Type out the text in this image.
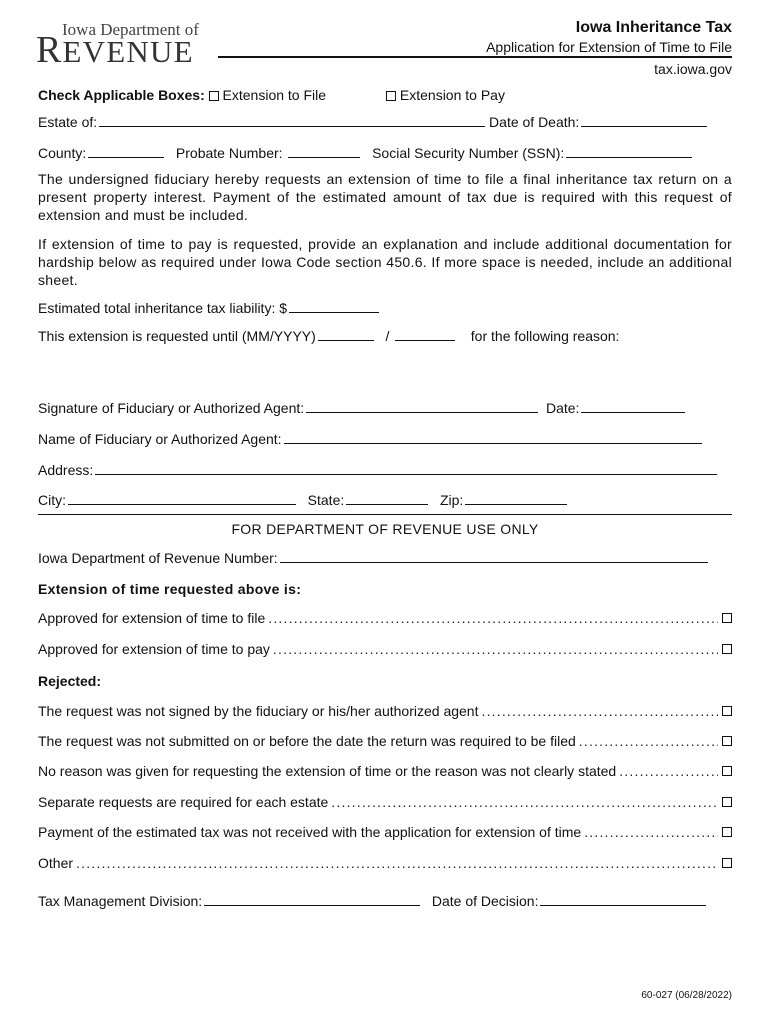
Iowa Department of
REVENUE
Iowa Inheritance Tax
Application for Extension of Time to File
tax.iowa.gov
Check Applicable Boxes: Extension to File	Extension to Pay
Estate of:	Date of Death:
County:	Probate Number:	Social Security Number (SSN):
The undersigned fiduciary hereby requests an extension of time to file a final inheritance tax return on a present property interest. Payment of the estimated amount of tax due is required with this request of extension and must be included.
If extension of time to pay is requested, provide an explanation and include additional documentation for hardship below as required under Iowa Code section 450.6. If more space is needed, include an additional sheet.
Estimated total inheritance tax liability: $
This extension is requested until (MM/YYYY)	/	for the following reason:
Signature of Fiduciary or Authorized Agent:	Date:
Name of Fiduciary or Authorized Agent:
Address:
City:	State:	Zip:
FOR DEPARTMENT OF REVENUE USE ONLY
Iowa Department of Revenue Number:
Extension of time requested above is:
Approved for extension of time to file
.....
Approved for extension of time to pay
.....
Rejected:
The request was not signed by the fiduciary or his/her authorized agent
.....
The request was not submitted on or before the date the return was required to be filed
.....
No reason was given for requesting the extension of time or the reason was not clearly stated
.....
Separate requests are required for each estate
.....
Payment of the estimated tax was not received with the application for extension of time
.....
Other
.....
Tax Management Division:	Date of Decision:
60-027 (06/28/2022)
